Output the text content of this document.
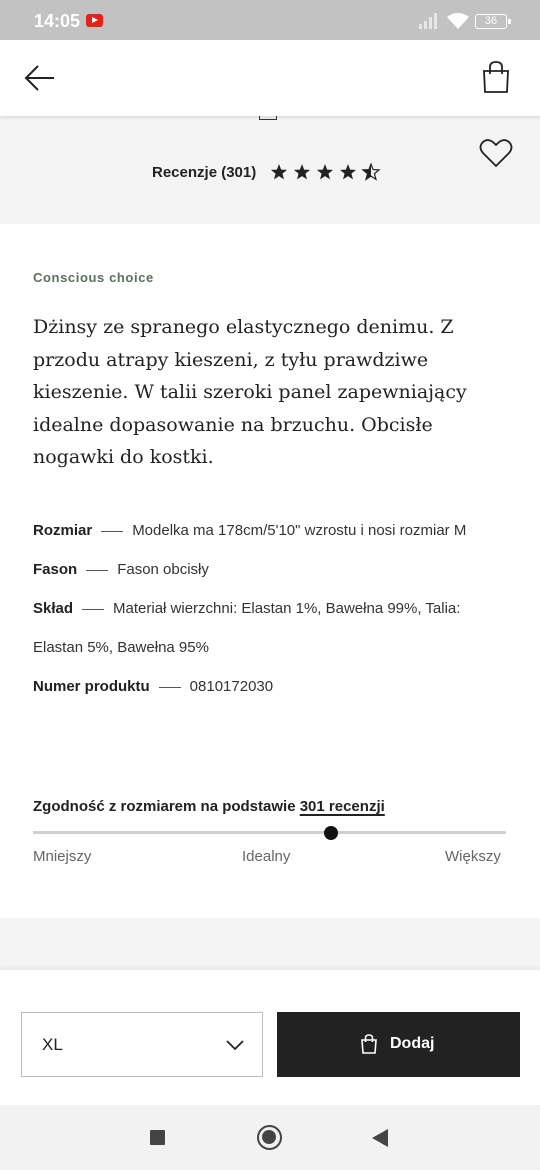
14:05	36
Recenzje (301)
Conscious choice
Dżinsy ze spranego elastycznego denimu. Z przodu atrapy kieszeni, z tyłu prawdziwe kieszenie. W talii szeroki panel zapewniający idealne dopasowanie na brzuchu. Obcisłe nogawki do kostki.
Rozmiar	Modelka ma 178cm/5'10" wzrostu i nosi rozmiar M
Fason	Fason obcisły
Skład	Materiał wierzchni: Elastan 1%, Bawełna 99%, Talia: Elastan 5%, Bawełna 95%
Numer produktu	0810172030
Zgodność z rozmiarem na podstawie 301 recenzji
Mniejszy	Idealny	Większy
XL	Dodaj
